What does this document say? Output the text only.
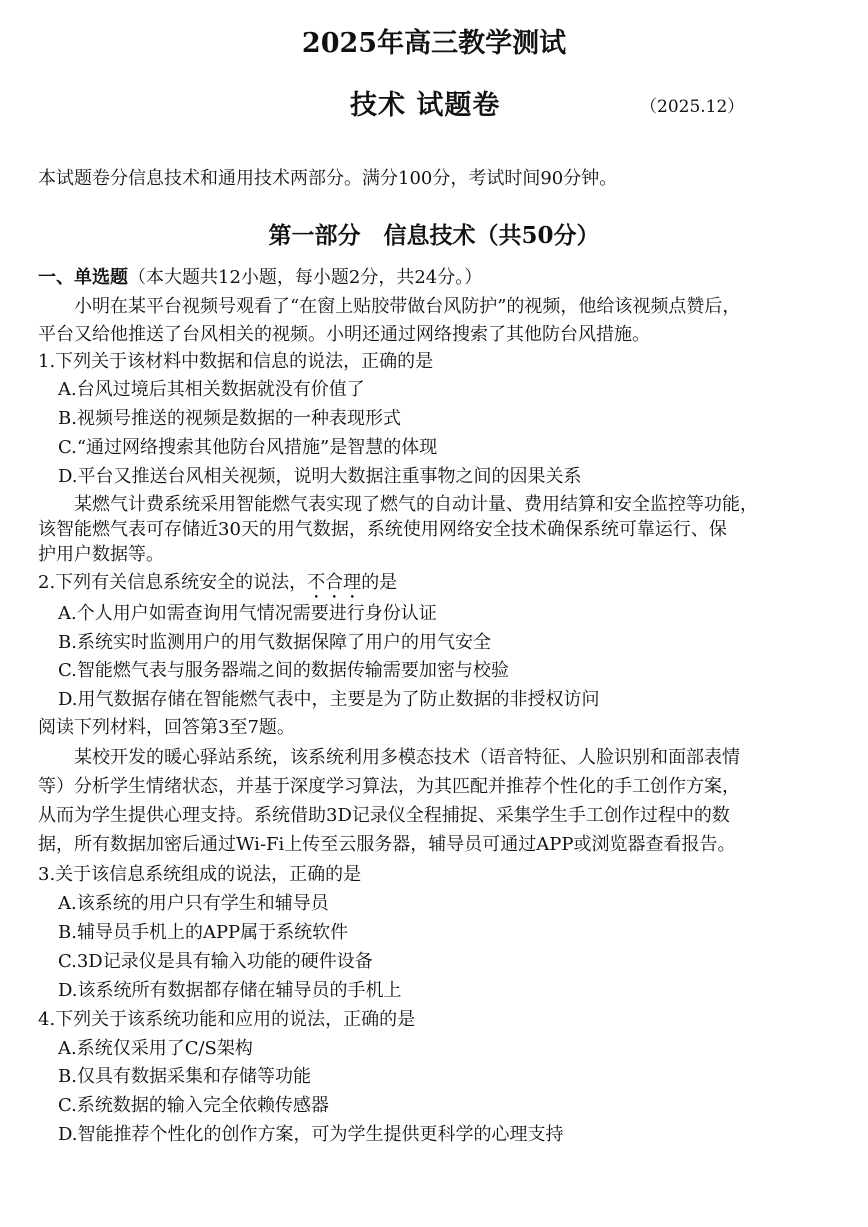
2025年高三教学测试
技术 试题卷	（2025.12）
本试题卷分信息技术和通用技术两部分。满分100分，考试时间90分钟。
第一部分　信息技术（共50分）
一、单选题（本大题共12小题，每小题2分，共24分。）
　　小明在某平台视频号观看了“在窗上贴胶带做台风防护”的视频，他给该视频点赞后，
平台又给他推送了台风相关的视频。小明还通过网络搜索了其他防台风措施。
1.下列关于该材料中数据和信息的说法，正确的是
A.台风过境后其相关数据就没有价值了
B.视频号推送的视频是数据的一种表现形式
C.“通过网络搜索其他防台风措施”是智慧的体现
D.平台又推送台风相关视频，说明大数据注重事物之间的因果关系
　　某燃气计费系统采用智能燃气表实现了燃气的自动计量、费用结算和安全监控等功能，
该智能燃气表可存储近30天的用气数据，系统使用网络安全技术确保系统可靠运行、保
护用户数据等。
2.下列有关信息系统安全的说法，不合理的是
A.个人用户如需查询用气情况需要进行身份认证
B.系统实时监测用户的用气数据保障了用户的用气安全
C.智能燃气表与服务器端之间的数据传输需要加密与校验
D.用气数据存储在智能燃气表中，主要是为了防止数据的非授权访问
阅读下列材料，回答第3至7题。
　　某校开发的暖心驿站系统，该系统利用多模态技术（语音特征、人脸识别和面部表情
等）分析学生情绪状态，并基于深度学习算法，为其匹配并推荐个性化的手工创作方案，
从而为学生提供心理支持。系统借助3D记录仪全程捕捉、采集学生手工创作过程中的数
据，所有数据加密后通过Wi-Fi上传至云服务器，辅导员可通过APP或浏览器查看报告。
3.关于该信息系统组成的说法，正确的是
A.该系统的用户只有学生和辅导员
B.辅导员手机上的APP属于系统软件
C.3D记录仪是具有输入功能的硬件设备
D.该系统所有数据都存储在辅导员的手机上
4.下列关于该系统功能和应用的说法，正确的是
A.系统仅采用了C/S架构
B.仅具有数据采集和存储等功能
C.系统数据的输入完全依赖传感器
D.智能推荐个性化的创作方案，可为学生提供更科学的心理支持
